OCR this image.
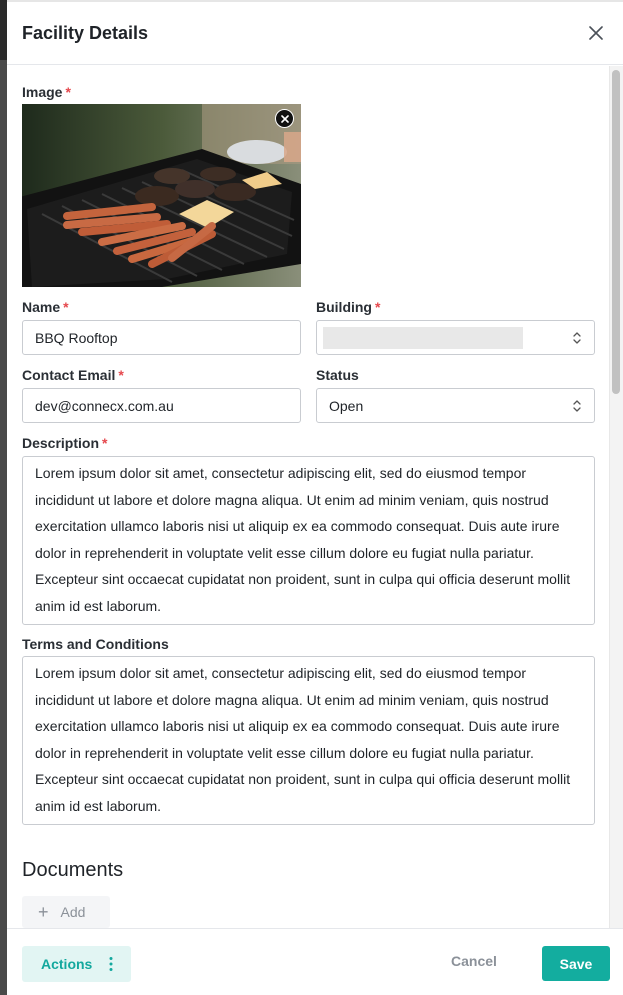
Facility Details
Image *
Name *
BBQ Rooftop
Building *
Contact Email *
dev@connecx.com.au
Status
Open
Description *
Lorem ipsum dolor sit amet, consectetur adipiscing elit, sed do eiusmod tempor incididunt ut labore et dolore magna aliqua. Ut enim ad minim veniam, quis nostrud exercitation ullamco laboris nisi ut aliquip ex ea commodo consequat. Duis aute irure dolor in reprehenderit in voluptate velit esse cillum dolore eu fugiat nulla pariatur. Excepteur sint occaecat cupidatat non proident, sunt in culpa qui officia deserunt mollit anim id est laborum.
Terms and Conditions
Lorem ipsum dolor sit amet, consectetur adipiscing elit, sed do eiusmod tempor incididunt ut labore et dolore magna aliqua. Ut enim ad minim veniam, quis nostrud exercitation ullamco laboris nisi ut aliquip ex ea commodo consequat. Duis aute irure dolor in reprehenderit in voluptate velit esse cillum dolore eu fugiat nulla pariatur. Excepteur sint occaecat cupidatat non proident, sunt in culpa qui officia deserunt mollit anim id est laborum.
Documents
+ Add
Actions	Cancel	Save
